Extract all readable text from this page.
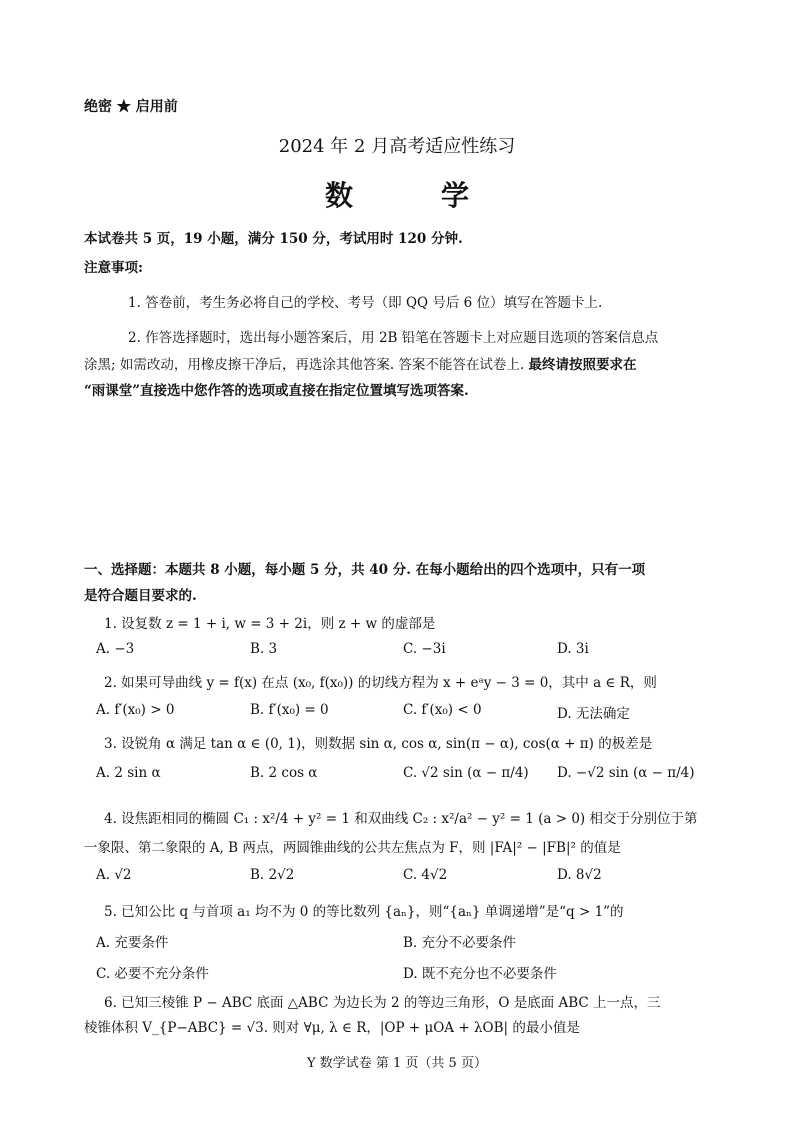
绝密 ★ 启用前
2024 年 2 月高考适应性练习
数学
本试卷共 5 页，19 小题，满分 150 分，考试用时 120 分钟.
注意事项:
1. 答卷前，考生务必将自己的学校、考号（即 QQ 号后 6 位）填写在答题卡上.
2. 作答选择题时，选出每小题答案后，用 2B 铅笔在答题卡上对应题目选项的答案信息点
涂黑; 如需改动，用橡皮擦干净后，再选涂其他答案. 答案不能答在试卷上. 最终请按照要求在
“雨课堂”直接选中您作答的选项或直接在指定位置填写选项答案.
一、选择题：本题共 8 小题，每小题 5 分，共 40 分. 在每小题给出的四个选项中，只有一项
是符合题目要求的.
1. 设复数 z = 1 + i, w = 3 + 2i，则 z + w 的虚部是
A. −3	B. 3	C. −3i	D. 3i
2. 如果可导曲线 y = f(x) 在点 (x₀, f(x₀)) 的切线方程为 x + eᵃy − 3 = 0，其中 a ∈ R，则
A. f′(x₀) > 0	B. f′(x₀) = 0	C. f′(x₀) < 0	D. 无法确定
3. 设锐角 α 满足 tan α ∈ (0, 1)，则数据 sin α, cos α, sin(π − α), cos(α + π) 的极差是
A. 2 sin α	B. 2 cos α	C. √2 sin (α − π/4) D. −√2 sin (α − π/4)
4. 设焦距相同的椭圆 C₁ : x²/4 + y² = 1 和双曲线 C₂ : x²/a² − y² = 1 (a > 0) 相交于分别位于第
一象限、第二象限的 A, B 两点，两圆锥曲线的公共左焦点为 F，则 |FA|² − |FB|² 的值是
A. √2	B. 2√2	C. 4√2	D. 8√2
5. 已知公比 q 与首项 a₁ 均不为 0 的等比数列 {aₙ}，则“{aₙ} 单调递增”是“q > 1”的
A. 充要条件	B. 充分不必要条件
C. 必要不充分条件	D. 既不充分也不必要条件
6. 已知三棱锥 P − ABC 底面 △ABC 为边长为 2 的等边三角形，O 是底面 ABC 上一点，三
棱锥体积 V_{P−ABC} = √3. 则对 ∀μ, λ ∈ R，|OP + μOA + λOB| 的最小值是
Y 数学试卷 第 1 页（共 5 页）
